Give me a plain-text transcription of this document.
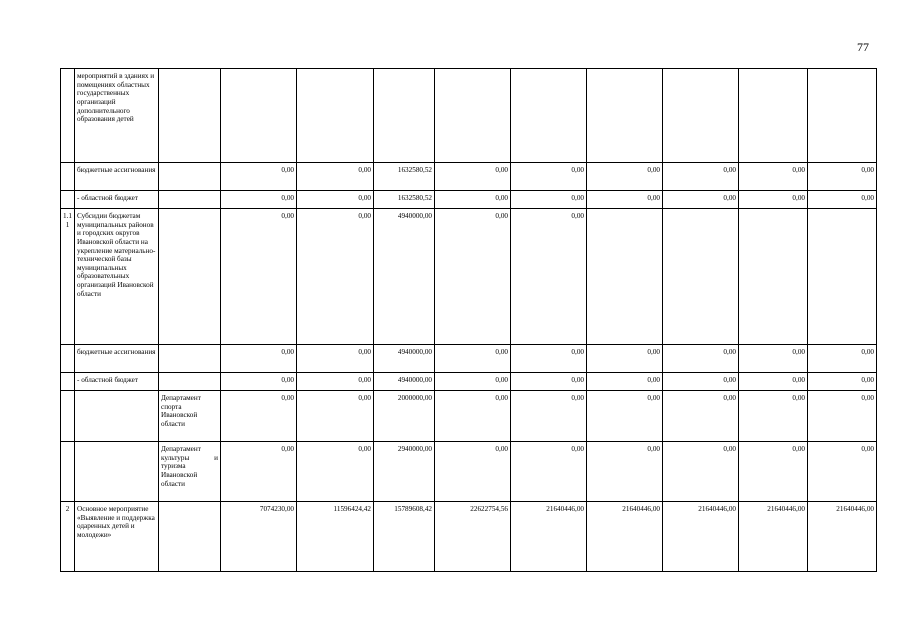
77
	мероприятий в зданиях и помещениях областных государственных организаций дополнительного образования детей											
	бюджетные ассигнования		0,00	0,00	1632580,52	0,00	0,00	0,00	0,00	0,00	0,00	
	- областной бюджет		0,00	0,00	1632580,52	0,00	0,00	0,00	0,00	0,00	0,00	
1.11	Субсидии бюджетам муниципальных районов и городских округов Ивановской области на укрепление материально-технической базы муниципальных образовательных организаций Ивановской области		0,00	0,00	4940000,00	0,00	0,00					
	бюджетные ассигнования		0,00	0,00	4940000,00	0,00	0,00	0,00	0,00	0,00	0,00	
	- областной бюджет		0,00	0,00	4940000,00	0,00	0,00	0,00	0,00	0,00	0,00	
		Департамент спорта Ивановской области	0,00	0,00	2000000,00	0,00	0,00	0,00	0,00	0,00	0,00	
		Департамент культуры и туризма Ивановской области	0,00	0,00	2940000,00	0,00	0,00	0,00	0,00	0,00	0,00	
2	Основное мероприятие «Выявление и поддержка одаренных детей и молодежи»		7074230,00	11596424,42	15789608,42	22622754,56	21640446,00	21640446,00	21640446,00	21640446,00	21640446,00	
